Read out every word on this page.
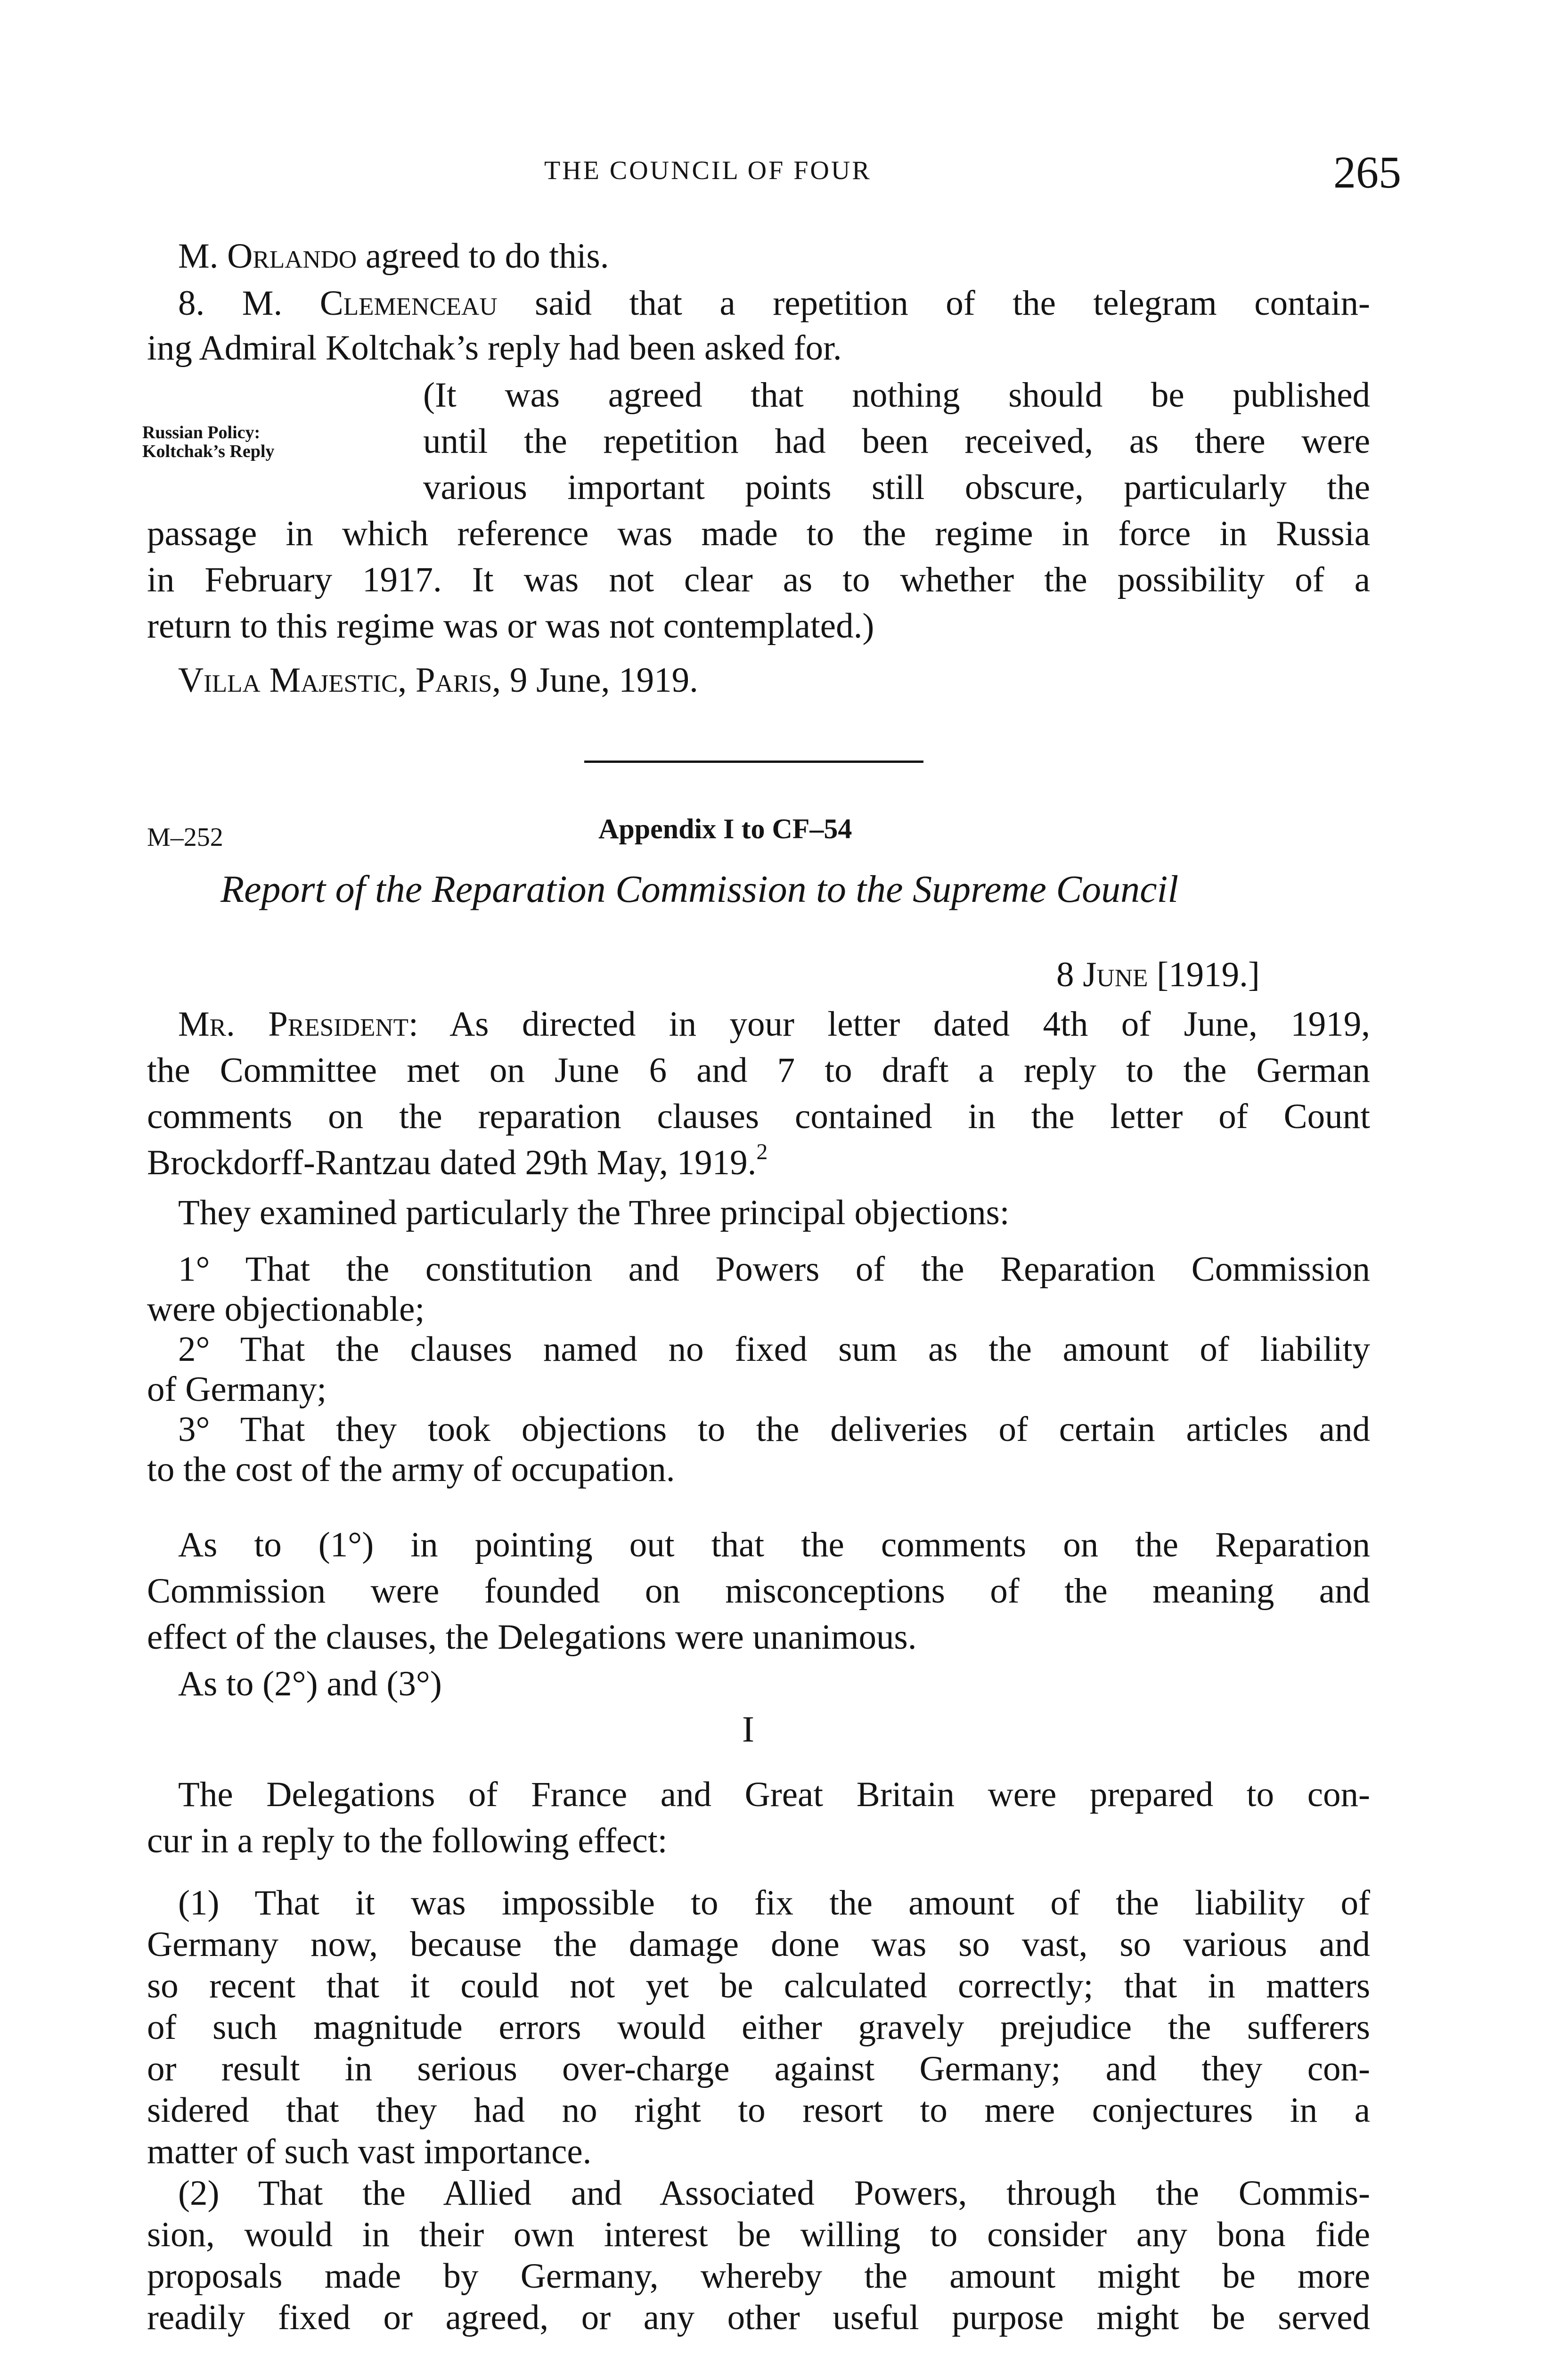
THE COUNCIL OF FOUR	265
M. Orlando agreed to do this.
8. M. Clemenceau said that a repetition of the telegram contain-
ing Admiral Koltchak’s reply had been asked for.
Russian Policy:
Koltchak’s Reply
(It was agreed that nothing should be published
until the repetition had been received, as there were
various important points still obscure, particularly the
passage in which reference was made to the regime in force in Russia
in February 1917. It was not clear as to whether the possibility of a
return to this regime was or was not contemplated.)
Villa Majestic, Paris, 9 June, 1919.
M–252	Appendix I to CF–54
Report of the Reparation Commission to the Supreme Council
8 June [1919.]
Mr. President: As directed in your letter dated 4th of June, 1919,
the Committee met on June 6 and 7 to draft a reply to the German
comments on the reparation clauses contained in the letter of Count
Brockdorff-Rantzau dated 29th May, 1919.$^2$
They examined particularly the Three principal objections:
1° That the constitution and Powers of the Reparation Commission
were objectionable;
2° That the clauses named no fixed sum as the amount of liability
of Germany;
3° That they took objections to the deliveries of certain articles and
to the cost of the army of occupation.
As to (1°) in pointing out that the comments on the Reparation
Commission were founded on misconceptions of the meaning and
effect of the clauses, the Delegations were unanimous.
As to (2°) and (3°)
I
The Delegations of France and Great Britain were prepared to con-
cur in a reply to the following effect:
(1) That it was impossible to fix the amount of the liability of
Germany now, because the damage done was so vast, so various and
so recent that it could not yet be calculated correctly; that in matters
of such magnitude errors would either gravely prejudice the sufferers
or result in serious over-charge against Germany; and they con-
sidered that they had no right to resort to mere conjectures in a
matter of such vast importance.
(2) That the Allied and Associated Powers, through the Commis-
sion, would in their own interest be willing to consider any bona fide
proposals made by Germany, whereby the amount might be more
readily fixed or agreed, or any other useful purpose might be served
